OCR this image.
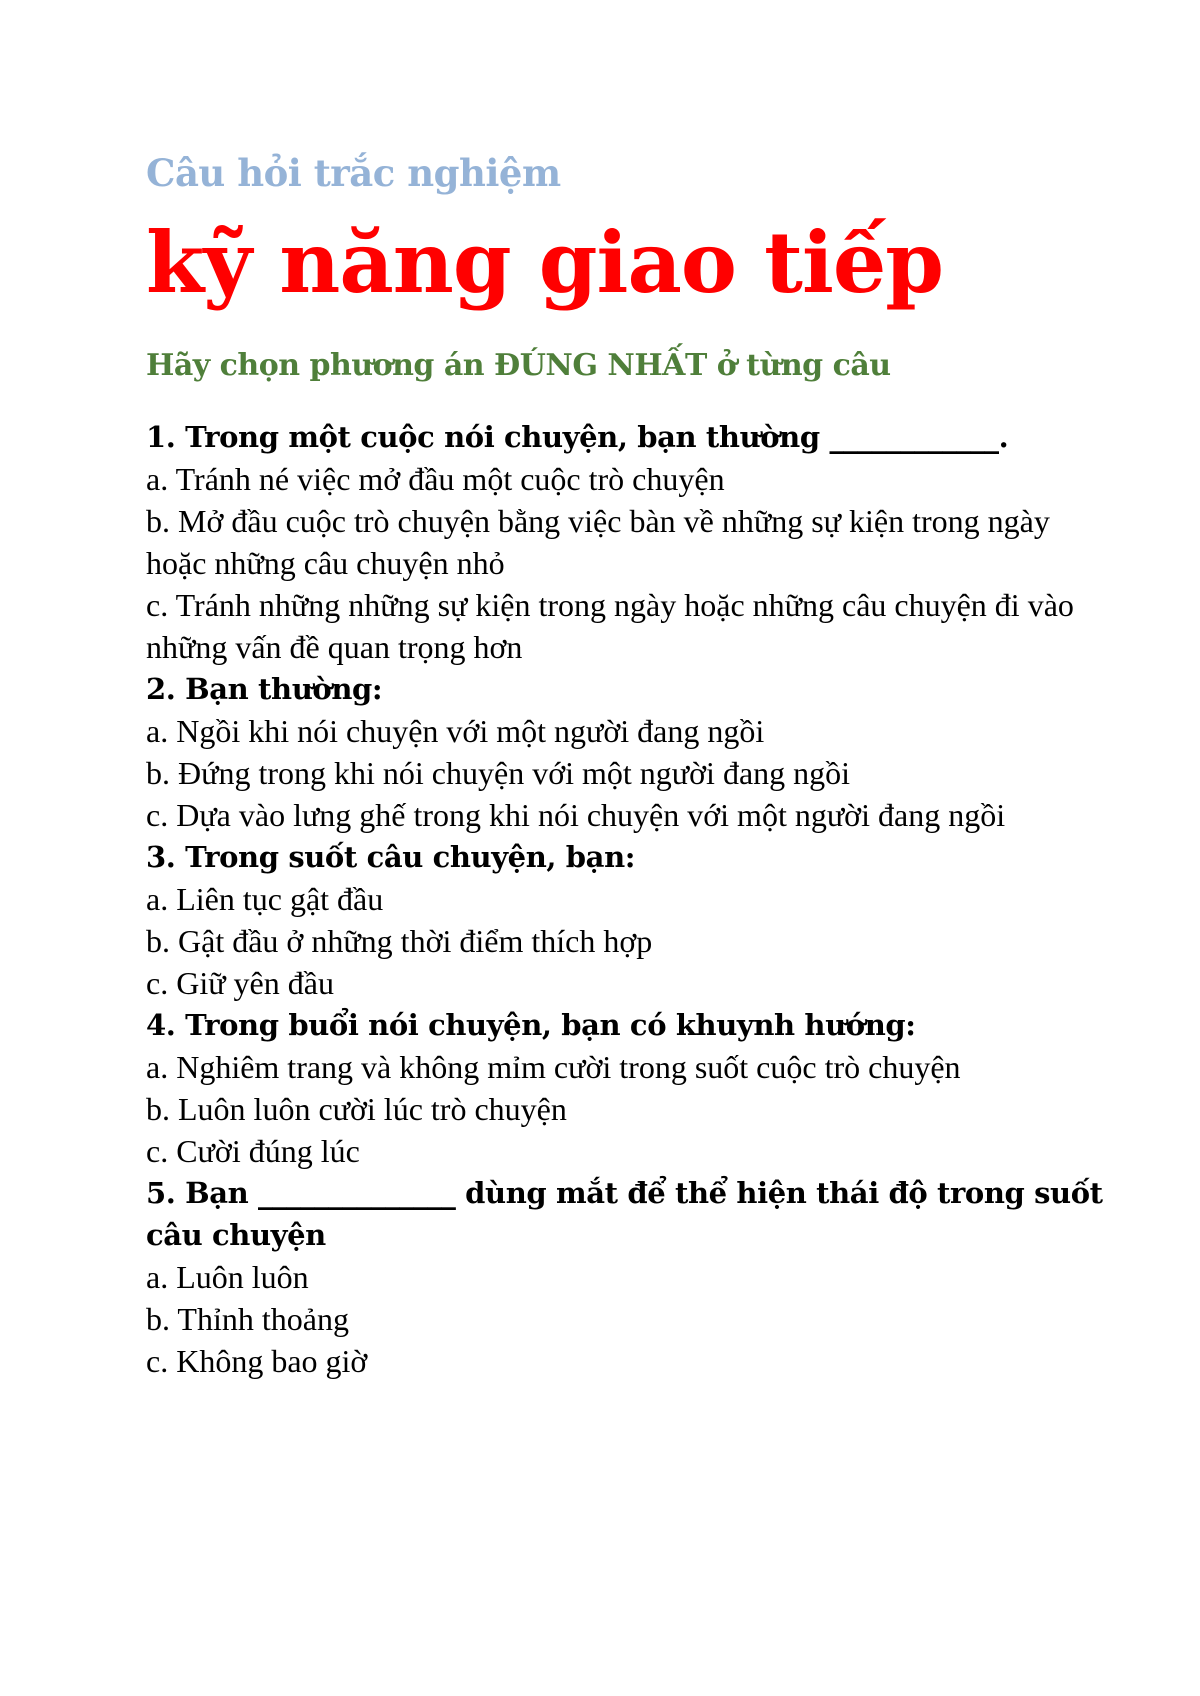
Câu hỏi trắc nghiệm

kỹ năng giao tiếp

Hãy chọn phương án ĐÚNG NHẤT ở từng câu

1. Trong một cuộc nói chuyện, bạn thường ____________.

a. Tránh né việc mở đầu một cuộc trò chuyện

b. Mở đầu cuộc trò chuyện bằng việc bàn về những sự kiện trong ngày hoặc những câu chuyện nhỏ

c. Tránh những những sự kiện trong ngày hoặc những câu chuyện đi vào những vấn đề quan trọng hơn

2. Bạn thường:

a. Ngồi khi nói chuyện với một người đang ngồi

b. Đứng trong khi nói chuyện với một người đang ngồi

c. Dựa vào lưng ghế trong khi nói chuyện với một người đang ngồi

3. Trong suốt câu chuyện, bạn:

a. Liên tục gật đầu

b. Gật đầu ở những thời điểm thích hợp

c. Giữ yên đầu

4. Trong buổi nói chuyện, bạn có khuynh hướng:

a. Nghiêm trang và không mỉm cười trong suốt cuộc trò chuyện

b. Luôn luôn cười lúc trò chuyện

c. Cười đúng lúc

5. Bạn ______________ dùng mắt để thể hiện thái độ trong suốt câu chuyện

a. Luôn luôn

b. Thỉnh thoảng

c. Không bao giờ
